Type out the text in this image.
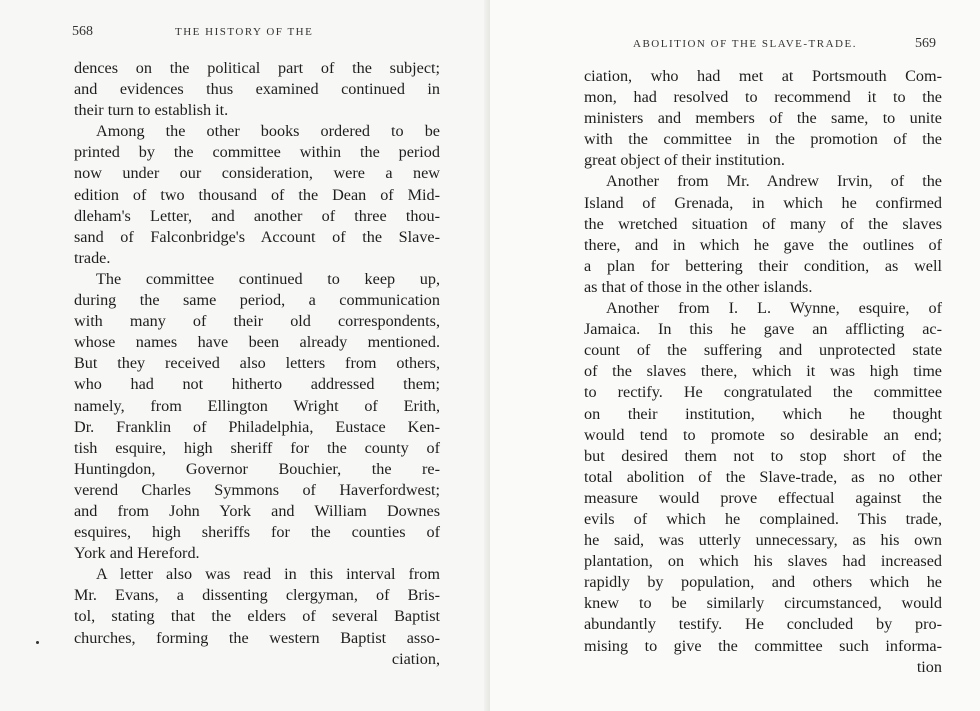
568	THE HISTORY OF THE
dences on the political part of the subject;
and evidences thus examined continued in
their turn to establish it.
Among the other books ordered to be
printed by the committee within the period
now under our consideration, were a new
edition of two thousand of the Dean of Mid-
dleham's Letter, and another of three thou-
sand of Falconbridge's Account of the Slave-
trade.
The committee continued to keep up,
during the same period, a communication
with many of their old correspondents,
whose names have been already mentioned.
But they received also letters from others,
who had not hitherto addressed them;
namely, from Ellington Wright of Erith,
Dr. Franklin of Philadelphia, Eustace Ken-
tish esquire, high sheriff for the county of
Huntingdon, Governor Bouchier, the re-
verend Charles Symmons of Haverfordwest;
and from John York and William Downes
esquires, high sheriffs for the counties of
York and Hereford.
A letter also was read in this interval from
Mr. Evans, a dissenting clergyman, of Bris-
tol, stating that the elders of several Baptist
churches, forming the western Baptist asso-
ciation,
ABOLITION OF THE SLAVE-TRADE.	569
ciation, who had met at Portsmouth Com-
mon, had resolved to recommend it to the
ministers and members of the same, to unite
with the committee in the promotion of the
great object of their institution.
Another from Mr. Andrew Irvin, of the
Island of Grenada, in which he confirmed
the wretched situation of many of the slaves
there, and in which he gave the outlines of
a plan for bettering their condition, as well
as that of those in the other islands.
Another from I. L. Wynne, esquire, of
Jamaica. In this he gave an afflicting ac-
count of the suffering and unprotected state
of the slaves there, which it was high time
to rectify. He congratulated the committee
on their institution, which he thought
would tend to promote so desirable an end;
but desired them not to stop short of the
total abolition of the Slave-trade, as no other
measure would prove effectual against the
evils of which he complained. This trade,
he said, was utterly unnecessary, as his own
plantation, on which his slaves had increased
rapidly by population, and others which he
knew to be similarly circumstanced, would
abundantly testify. He concluded by pro-
mising to give the committee such informa-
tion
